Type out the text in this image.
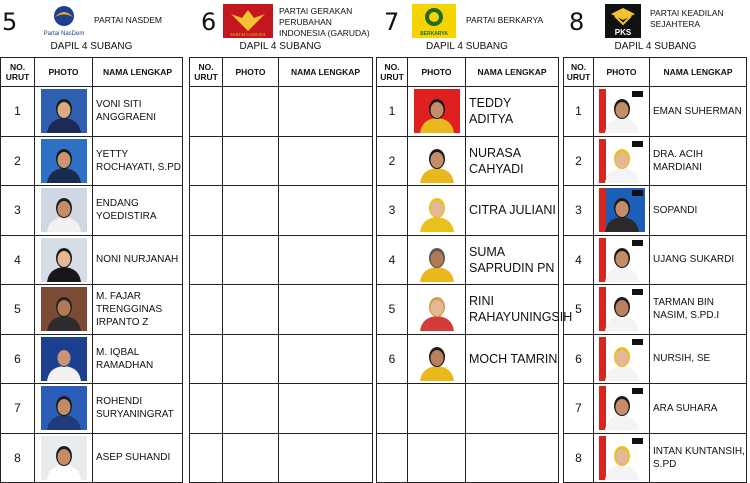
5	Partai NasDem
PARTAI NASDEM
DAPIL 4 SUBANG
NO.
URUT	PHOTO	NAMA LENGKAP
1		VONI SITI ANGGRAENI
2		YETTY ROCHAYATI, S.PD
3		ENDANG YOEDISTIRA
4		NONI NURJANAH
5		M. FAJAR TRENGGINAS IRPANTO Z
6		M. IQBAL RAMADHAN
7		ROHENDI SURYANINGRAT
8		ASEP SUHANDI
6	PARTAI GARUDA
PARTAI GERAKAN PERUBAHAN INDONESIA (GARUDA)
DAPIL 4 SUBANG
NO.
URUT	PHOTO	NAMA LENGKAP

7	BERKARYA
PARTAI BERKARYA
DAPIL 4 SUBANG
NO.
URUT	PHOTO	NAMA LENGKAP
1		TEDDY ADITYA
2		NURASA CAHYADI
3		CITRA JULIANI
4		SUMA SAPRUDIN PN
5		RINI RAHAYUNINGSIH
6		MOCH TAMRIN

8	PKS
PARTAI KEADILAN SEJAHTERA
DAPIL 4 SUBANG
NO.
URUT	PHOTO	NAMA LENGKAP
1		EMAN SUHERMAN
2		DRA. ACIH MARDIANI
3		SOPANDI
4		UJANG SUKARDI
5		TARMAN BIN NASIM, S.PD.I
6		NURSIH, SE
7		ARA SUHARA
8		INTAN KUNTANSIH, S.PD
